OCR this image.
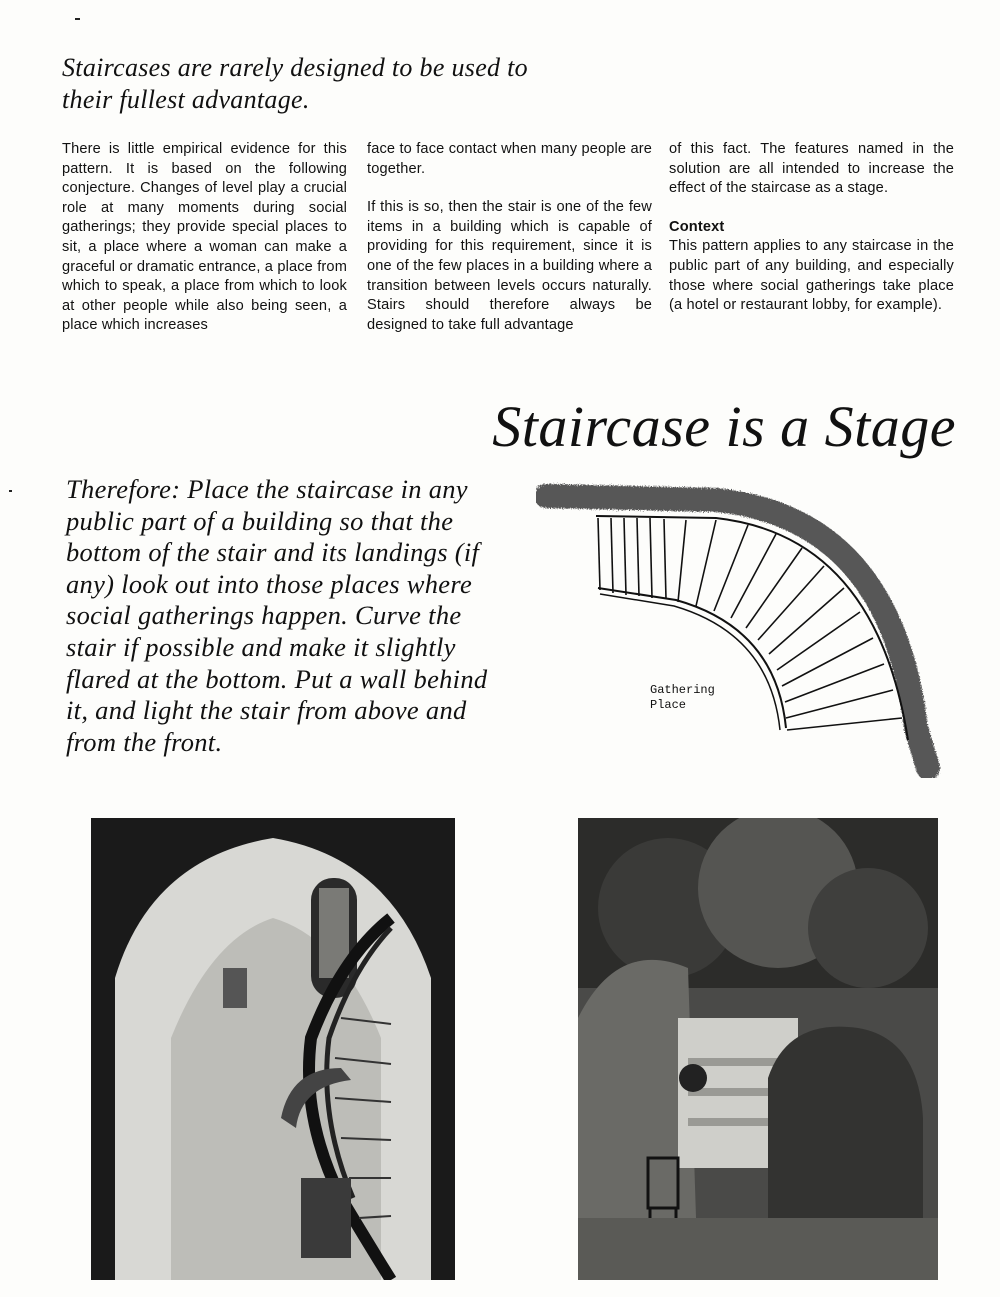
Staircases are rarely designed to be used to their fullest advantage.

There is little empirical evidence for this pattern. It is based on the following conjecture. Changes of level play a crucial role at many moments during social gatherings; they provide special places to sit, a place where a woman can make a graceful or dramatic entrance, a place from which to speak, a place from which to look at other people while also being seen, a place which increases

face to face contact when many people are together.

If this is so, then the stair is one of the few items in a building which is capable of providing for this requirement, since it is one of the few places in a building where a transition between levels occurs naturally. Stairs should therefore always be designed to take full advantage

of this fact. The features named in the solution are all intended to increase the effect of the staircase as a stage.

Context

This pattern applies to any staircase in the public part of any building, and especially those where social gatherings take place (a hotel or restaurant lobby, for example).

Staircase is a Stage

Therefore: Place the staircase in any public part of a building so that the bottom of the stair and its landings (if any) look out into those places where social gatherings happen. Curve the stair if possible and make it slightly flared at the bottom. Put a wall behind it, and light the stair from above and from the front.

Gathering
Place
